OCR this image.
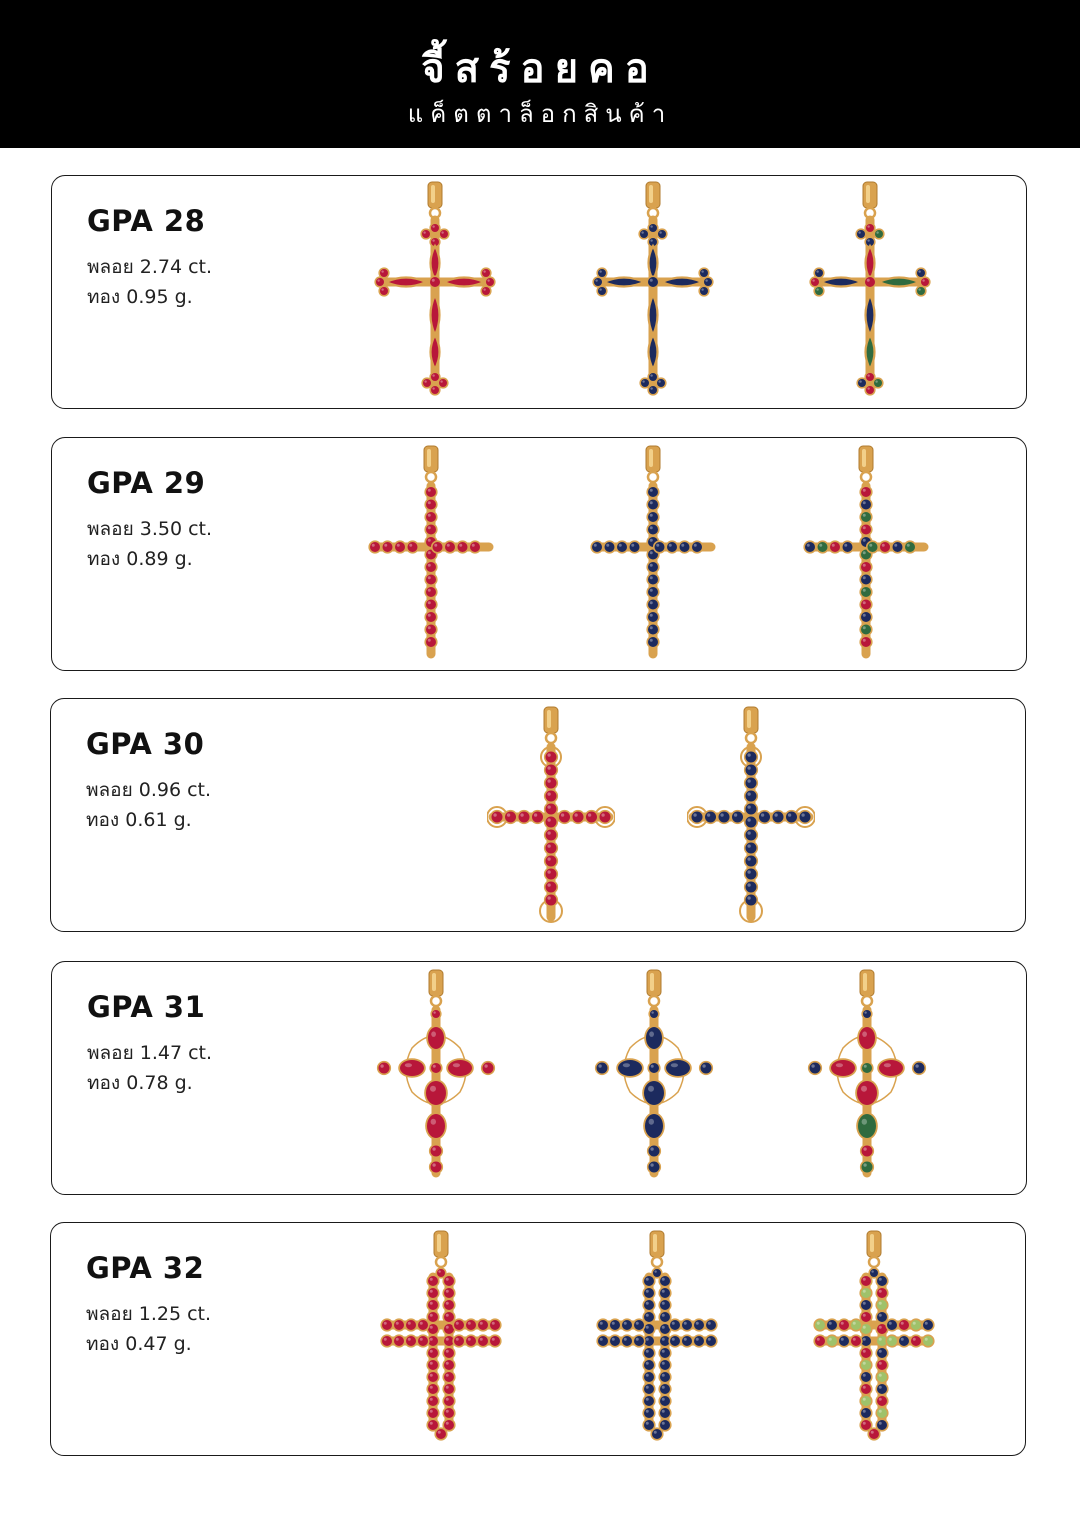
จี้สร้อยคอ
แค็ตตาล็อกสินค้า
GPA 28
พลอย 2.74 ct.
ทอง 0.95 g.
GPA 29
พลอย 3.50 ct.
ทอง 0.89 g.
GPA 30
พลอย 0.96 ct.
ทอง 0.61 g.
GPA 31
พลอย 1.47 ct.
ทอง 0.78 g.
GPA 32
พลอย 1.25 ct.
ทอง 0.47 g.
